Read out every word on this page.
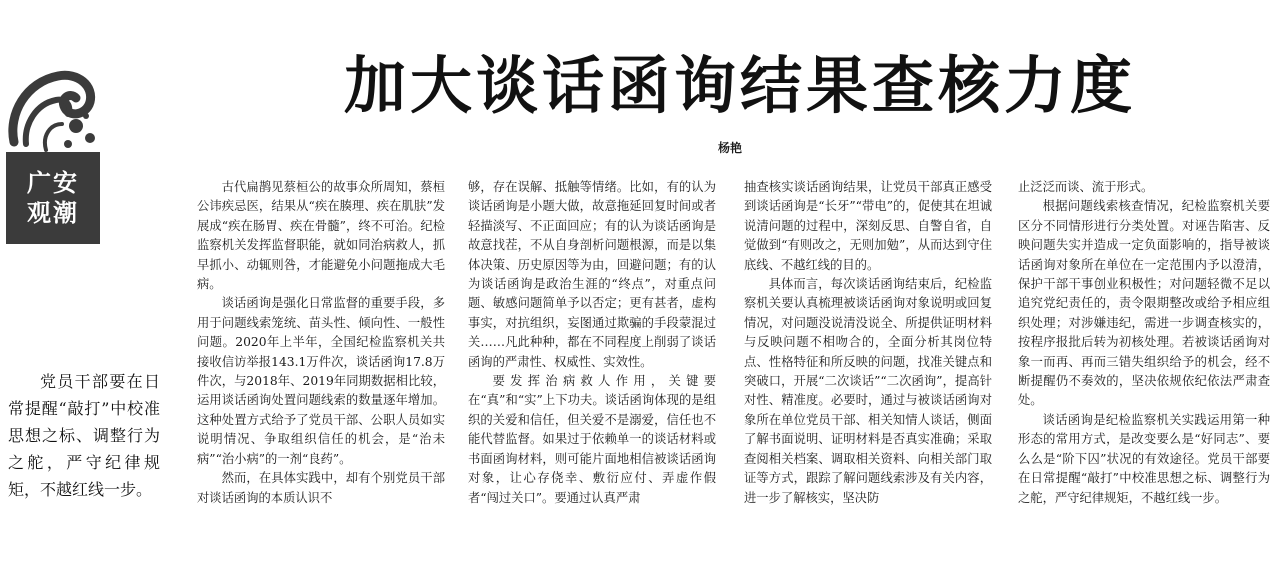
广安
观潮
加大谈话函询结果查核力度
杨艳
党员干部要在日常提醒“敲打”中校准思想之标、调整行为之舵，严守纪律规矩，不越红线一步。

古代扁鹊见蔡桓公的故事众所周知，蔡桓公讳疾忌医，结果从“疾在腠理、疾在肌肤”发展成“疾在肠胃、疾在骨髓”，终不可治。纪检监察机关发挥监督职能，就如同治病救人，抓早抓小、动辄则咎，才能避免小问题拖成大毛病。

谈话函询是强化日常监督的重要手段，多用于问题线索笼统、苗头性、倾向性、一般性问题。2020年上半年，全国纪检监察机关共接收信访举报143.1万件次，谈话函询17.8万件次，与2018年、2019年同期数据相比较，运用谈话函询处置问题线索的数量逐年增加。这种处置方式给予了党员干部、公职人员如实说明情况、争取组织信任的机会，是“治未病”“治小病”的一剂“良药”。

然而，在具体实践中，却有个别党员干部对谈话函询的本质认识不

够，存在误解、抵触等情绪。比如，有的认为谈话函询是小题大做，故意拖延回复时间或者轻描淡写、不正面回应；有的认为谈话函询是故意找茬，不从自身剖析问题根源，而是以集体决策、历史原因等为由，回避问题；有的认为谈话函询是政治生涯的“终点”，对重点问题、敏感问题简单予以否定；更有甚者，虚构事实，对抗组织，妄图通过欺骗的手段蒙混过关……凡此种种，都在不同程度上削弱了谈话函询的严肃性、权威性、实效性。

要发挥治病救人作用，关键要在“真”和“实”上下功夫。谈话函询体现的是组织的关爱和信任，但关爱不是溺爱，信任也不能代替监督。如果过于依赖单一的谈话材料或书面函询材料，则可能片面地相信被谈话函询对象，让心存侥幸、敷衍应付、弄虚作假者“闯过关口”。要通过认真严肃

抽查核实谈话函询结果，让党员干部真正感受到谈话函询是“长牙”“带电”的，促使其在坦诚说清问题的过程中，深刻反思、自警自省，自觉做到“有则改之，无则加勉”，从而达到守住底线、不越红线的目的。

具体而言，每次谈话函询结束后，纪检监察机关要认真梳理被谈话函询对象说明或回复情况，对问题没说清没说全、所提供证明材料与反映问题不相吻合的，全面分析其岗位特点、性格特征和所反映的问题，找准关键点和突破口，开展“二次谈话”“二次函询”，提高针对性、精准度。必要时，通过与被谈话函询对象所在单位党员干部、相关知情人谈话，侧面了解书面说明、证明材料是否真实准确；采取查阅相关档案、调取相关资料、向相关部门取证等方式，跟踪了解问题线索涉及有关内容，进一步了解核实，坚决防

止泛泛而谈、流于形式。

根据问题线索核查情况，纪检监察机关要区分不同情形进行分类处置。对诬告陷害、反映问题失实并造成一定负面影响的，指导被谈话函询对象所在单位在一定范围内予以澄清，保护干部干事创业积极性；对问题轻微不足以追究党纪责任的，责令限期整改或给予相应组织处理；对涉嫌违纪，需进一步调查核实的，按程序报批后转为初核处理。若被谈话函询对象一而再、再而三错失组织给予的机会，经不断提醒仍不奏效的，坚决依规依纪依法严肃查处。

谈话函询是纪检监察机关实践运用第一种形态的常用方式，是改变要么是“好同志”、要么么是“阶下囚”状况的有效途径。党员干部要在日常提醒“敲打”中校准思想之标、调整行为之舵，严守纪律规矩，不越红线一步。
